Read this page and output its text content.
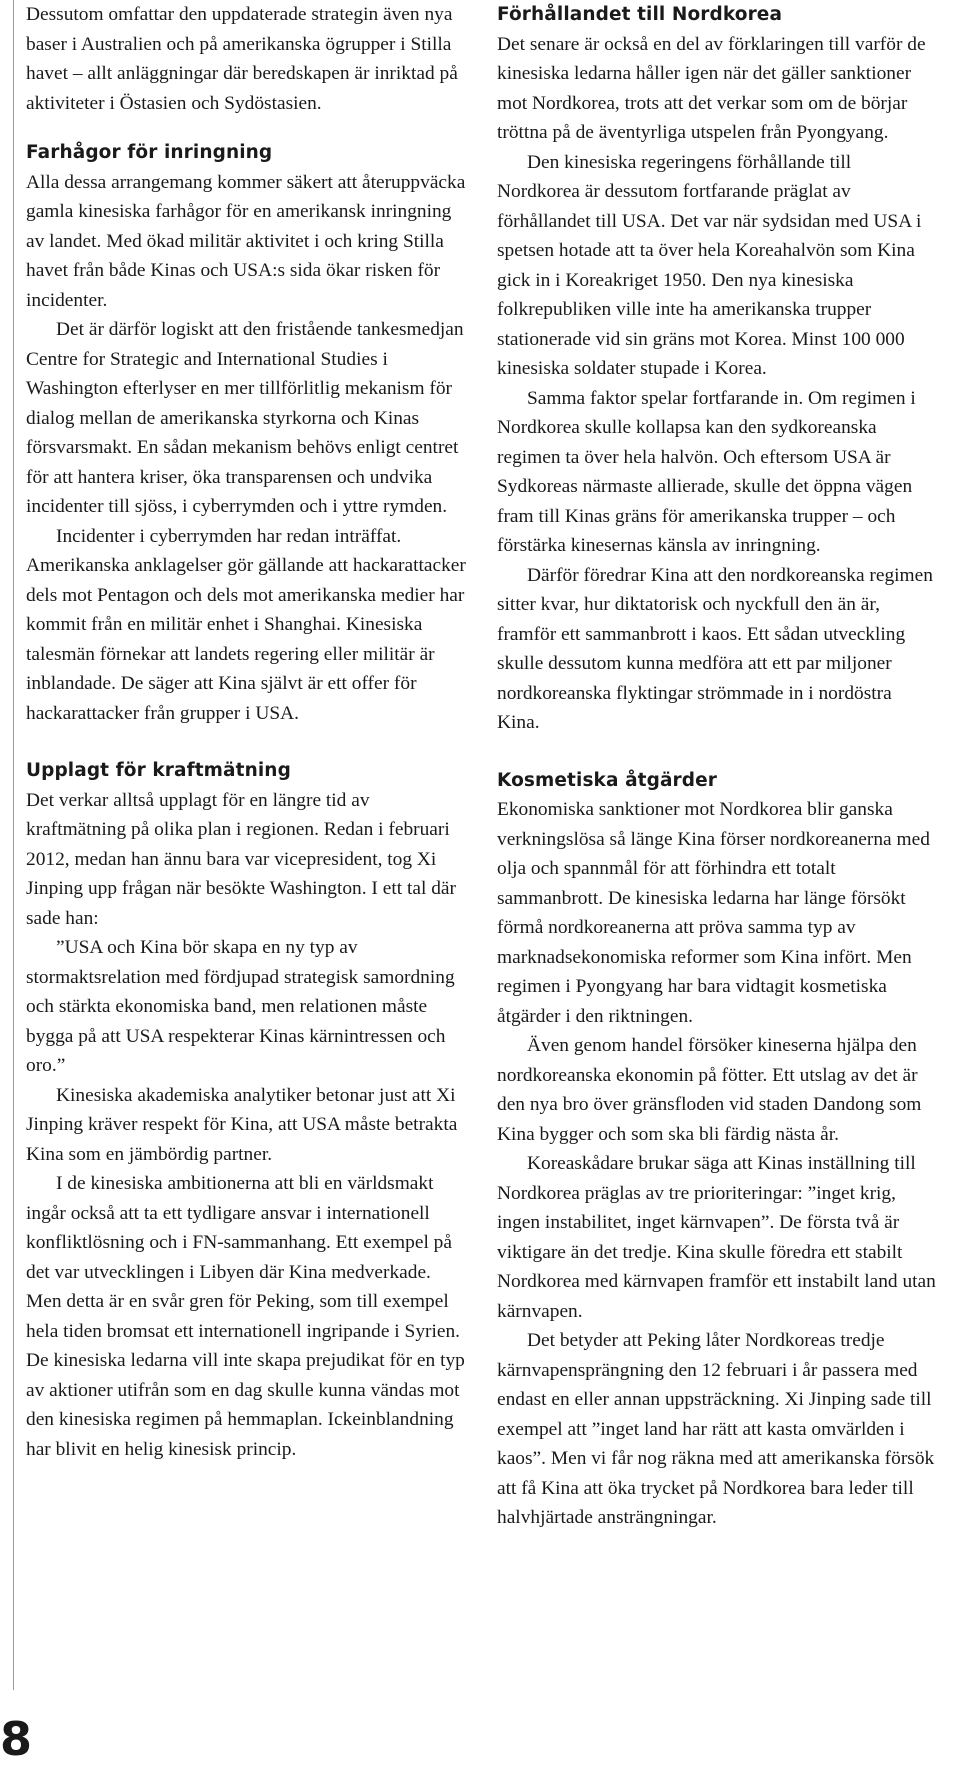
Dessutom omfattar den uppdaterade strategin även nya baser i Australien och på amerikanska ögrupper i Stilla havet – allt anläggningar där beredskapen är inriktad på aktiviteter i Östasien och Sydöstasien.

Farhågor för inringning

Alla dessa arrangemang kommer säkert att återuppväcka gamla kinesiska farhågor för en amerikansk inringning av landet. Med ökad militär aktivitet i och kring Stilla havet från både Kinas och USA:s sida ökar risken för incidenter.

Det är därför logiskt att den fristående tankesmedjan Centre for Strategic and International Studies i Washington efterlyser en mer tillförlitlig mekanism för dialog mellan de amerikanska styrkorna och Kinas försvarsmakt. En sådan mekanism behövs enligt centret för att hantera kriser, öka transparensen och undvika incidenter till sjöss, i cyberrymden och i yttre rymden.

Incidenter i cyberrymden har redan inträffat. Amerikanska anklagelser gör gällande att hackarattacker dels mot Pentagon och dels mot amerikanska medier har kommit från en militär enhet i Shanghai. Kinesiska talesmän förnekar att landets regering eller militär är inblandade. De säger att Kina självt är ett offer för hackarattacker från grupper i USA.

Upplagt för kraftmätning

Det verkar alltså upplagt för en längre tid av kraftmätning på olika plan i regionen. Redan i februari 2012, medan han ännu bara var vicepresident, tog Xi Jinping upp frågan när besökte Washington. I ett tal där sade han:

”USA och Kina bör skapa en ny typ av stormaktsrelation med fördjupad strategisk samordning och stärkta ekonomiska band, men relationen måste bygga på att USA respekterar Kinas kärnintressen och oro.”

Kinesiska akademiska analytiker betonar just att Xi Jinping kräver respekt för Kina, att USA måste betrakta Kina som en jämbördig partner.

I de kinesiska ambitionerna att bli en världsmakt ingår också att ta ett tydligare ansvar i internationell konfliktlösning och i FN-sammanhang. Ett exempel på det var utvecklingen i Libyen där Kina medverkade. Men detta är en svår gren för Peking, som till exempel hela tiden bromsat ett internationell ingripande i Syrien. De kinesiska ledarna vill inte skapa prejudikat för en typ av aktioner utifrån som en dag skulle kunna vändas mot den kinesiska regimen på hemmaplan. Ickeinblandning har blivit en helig kinesisk princip.

Förhållandet till Nordkorea

Det senare är också en del av förklaringen till varför de kinesiska ledarna håller igen när det gäller sanktioner mot Nordkorea, trots att det verkar som om de börjar tröttna på de äventyrliga utspelen från Pyongyang.

Den kinesiska regeringens förhållande till Nordkorea är dessutom fortfarande präglat av förhållandet till USA. Det var när sydsidan med USA i spetsen hotade att ta över hela Koreahalvön som Kina gick in i Koreakriget 1950. Den nya kinesiska folkrepubliken ville inte ha amerikanska trupper stationerade vid sin gräns mot Korea. Minst 100 000 kinesiska soldater stupade i Korea.

Samma faktor spelar fortfarande in. Om regimen i Nordkorea skulle kollapsa kan den sydkoreanska regimen ta över hela halvön. Och eftersom USA är Sydkoreas närmaste allierade, skulle det öppna vägen fram till Kinas gräns för amerikanska trupper – och förstärka kinesernas känsla av inringning.

Därför föredrar Kina att den nordkoreanska regimen sitter kvar, hur diktatorisk och nyckfull den än är, framför ett sammanbrott i kaos. Ett sådan utveckling skulle dessutom kunna medföra att ett par miljoner nordkoreanska flyktingar strömmade in i nordöstra Kina.

Kosmetiska åtgärder

Ekonomiska sanktioner mot Nordkorea blir ganska verkningslösa så länge Kina förser nordkoreanerna med olja och spannmål för att förhindra ett totalt sammanbrott. De kinesiska ledarna har länge försökt förmå nordkoreanerna att pröva samma typ av marknadsekonomiska reformer som Kina infört. Men regimen i Pyongyang har bara vidtagit kosmetiska åtgärder i den riktningen.

Även genom handel försöker kineserna hjälpa den nordkoreanska ekonomin på fötter. Ett utslag av det är den nya bro över gränsfloden vid staden Dandong som Kina bygger och som ska bli färdig nästa år.

Koreaskådare brukar säga att Kinas inställning till Nordkorea präglas av tre prioriteringar: ”inget krig, ingen instabilitet, inget kärnvapen”. De första två är viktigare än det tredje. Kina skulle föredra ett stabilt Nordkorea med kärnvapen framför ett instabilt land utan kärnvapen.

Det betyder att Peking låter Nordkoreas tredje kärnvapensprängning den 12 februari i år passera med endast en eller annan uppsträckning. Xi Jinping sade till exempel att ”inget land har rätt att kasta omvärlden i kaos”. Men vi får nog räkna med att amerikanska försök att få Kina att öka trycket på Nordkorea bara leder till halvhjärtade ansträngningar.

8
